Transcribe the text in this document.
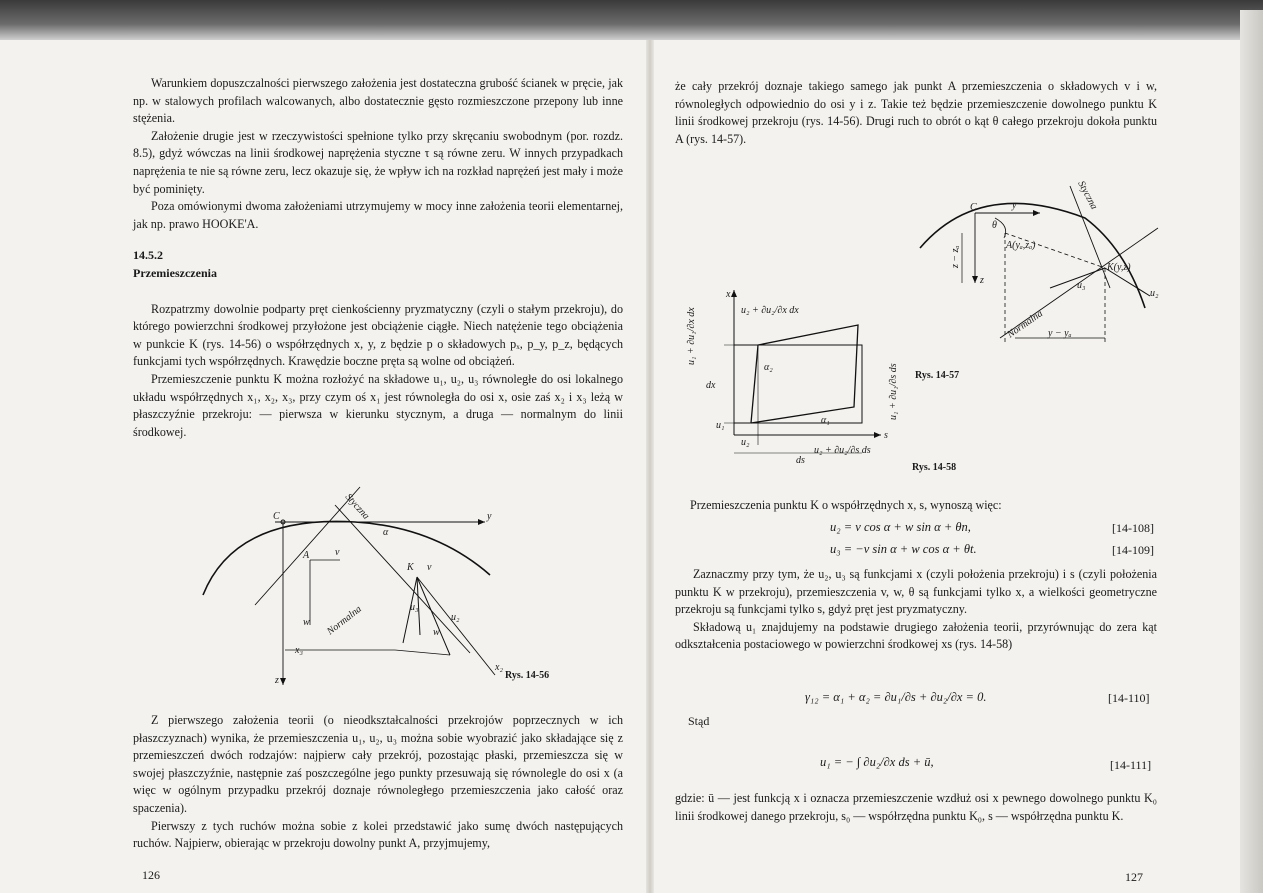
Warunkiem dopuszczalności pierwszego założenia jest dostateczna grubość ścianek w pręcie, jak np. w stalowych profilach walcowanych, albo dostatecznie gęsto rozmieszczone przepony lub inne stężenia.

Założenie drugie jest w rzeczywistości spełnione tylko przy skręcaniu swobodnym (por. rozdz. 8.5), gdyż wówczas na linii środkowej naprężenia styczne τ są równe zeru. W innych przypadkach naprężenia te nie są równe zeru, lecz okazuje się, że wpływ ich na rozkład naprężeń jest mały i może być pominięty.

Poza omówionymi dwoma założeniami utrzymujemy w mocy inne założenia teorii elementarnej, jak np. prawo HOOKE'A.

14.5.2
Przemieszczenia

Rozpatrzmy dowolnie podparty pręt cienkościenny pryzmatyczny (czyli o stałym przekroju), do którego powierzchni środkowej przyłożone jest obciążenie ciągłe. Niech natężenie tego obciążenia w punkcie K (rys. 14-56) o współrzędnych x, y, z będzie p o składowych pₓ, p_y, p_z, będących funkcjami tych współrzędnych. Krawędzie boczne pręta są wolne od obciążeń.

Przemieszczenie punktu K można rozłożyć na składowe u₁, u₂, u₃ równoległe do osi lokalnego układu współrzędnych x₁, x₂, x₃, przy czym oś x₁ jest równoległa do osi x, osie zaś x₂ i x₃ leżą w płaszczyźnie przekroju: — pierwsza w kierunku stycznym, a druga — normalnym do linii środkowej.

C	y
z
A	v
w
α
K v
w
u₃
u₂
x₂
x₃
Styczna
Normalna
Rys. 14-56

Z pierwszego założenia teorii (o nieodkształcalności przekrojów poprzecznych w ich płaszczyznach) wynika, że przemieszczenia u₁, u₂, u₃ można sobie wyobrazić jako składające się z przemieszczeń dwóch rodzajów: najpierw cały przekrój, pozostając płaski, przemieszcza się w swojej płaszczyźnie, następnie zaś poszczególne jego punkty przesuwają się równolegle do osi x (a więc w ogólnym przypadku przekrój doznaje równoległego przemieszczenia jako całość oraz spaczenia).

Pierwszy z tych ruchów można sobie z kolei przedstawić jako sumę dwóch następujących ruchów. Najpierw, obierając w przekroju dowolny punkt A, przyjmujemy,

126

że cały przekrój doznaje takiego samego jak punkt A przemieszczenia o składowych v i w, równoległych odpowiednio do osi y i z. Takie też będzie przemieszczenie dowolnego punktu K linii środkowej przekroju (rys. 14-56). Drugi ruch to obrót o kąt θ całego przekroju dokoła punktu A (rys. 14-57).

C	y
z
θ
A(yₐ,zₐ)
K(y,z)
y − yₐ
z − zₐ
u₃
u₂
Styczna
Normalna
Rys. 14-57
x
s
α₂
α₁
dx
ds
u₂
u₁
u₂ + ∂u₂/∂x dx
u₂ + ∂u₂/∂s ds
u₁ + ∂u₁/∂x dx
u₁ + ∂u₁/∂s ds
Rys. 14-58

Przemieszczenia punktu K o współrzędnych x, s, wynoszą więc:

u₂ = v cos α + w sin α + θn,	[14-108]
u₃ = −v sin α + w cos α + θt.	[14-109]

Zaznaczmy przy tym, że u₂, u₃ są funkcjami x (czyli położenia przekroju) i s (czyli położenia punktu K w przekroju), przemieszczenia v, w, θ są funkcjami tylko x, a wielkości geometryczne przekroju są funkcjami tylko s, gdyż pręt jest pryzmatyczny.

Składową u₁ znajdujemy na podstawie drugiego założenia teorii, przyrównując do zera kąt odkształcenia postaciowego w powierzchni środkowej xs (rys. 14-58)

γ₁₂ = α₁ + α₂ = ∂u₁/∂s + ∂u₂/∂x = 0.	[14-110]
Stąd
u₁ = − ∫ ∂u₂/∂x ds + ū,	[14-111]

gdzie: ū — jest funkcją x i oznacza przemieszczenie wzdłuż osi x pewnego dowolnego punktu K₀ linii środkowej danego przekroju, s₀ — współrzędna punktu K₀, s — współrzędna punktu K.

127
